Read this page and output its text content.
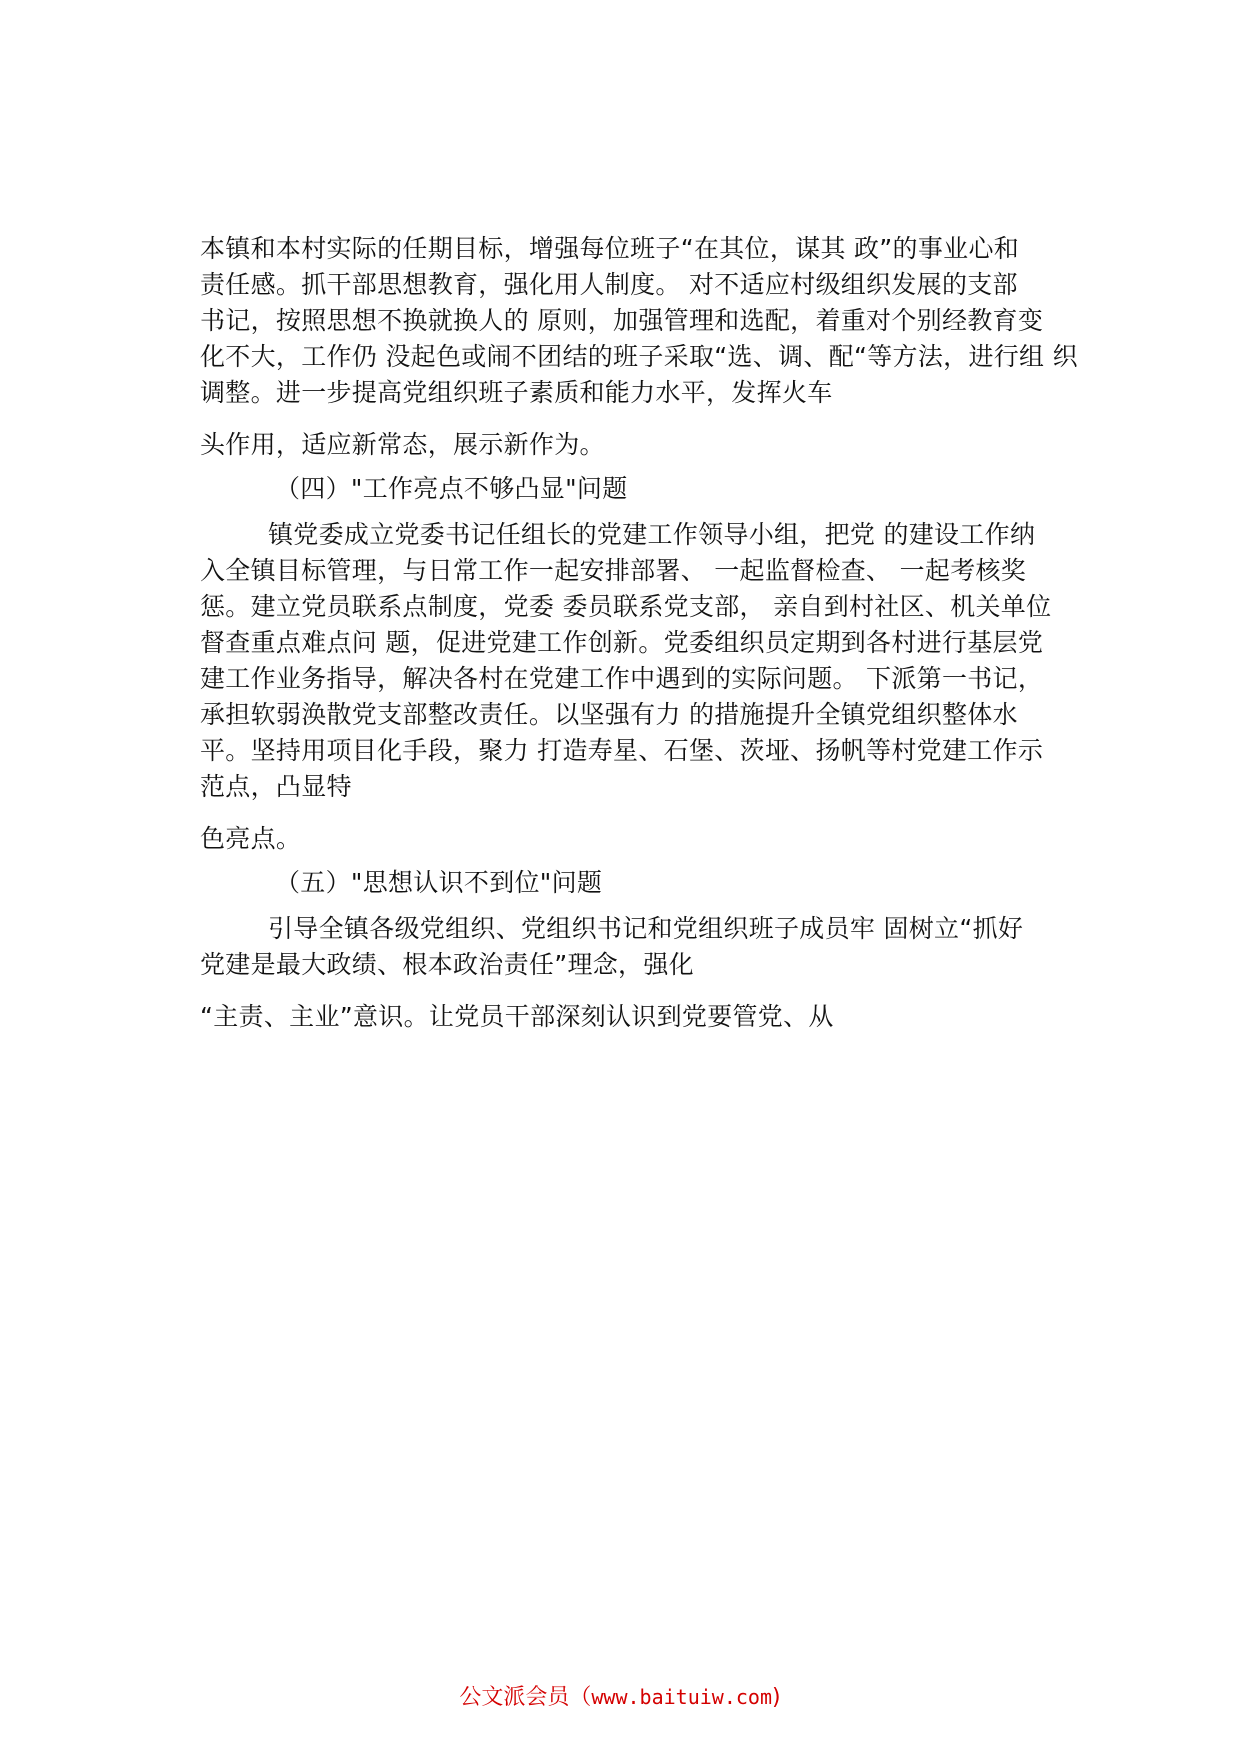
本镇和本村实际的任期目标，增强每位班子“在其位，谋其 政”的事业心和
责任感。抓干部思想教育，强化用人制度。 对不适应村级组织发展的支部
书记，按照思想不换就换人的 原则，加强管理和选配，着重对个别经教育变
化不大，工作仍 没起色或闹不团结的班子采取“选、调、配“等方法，进行组 织
调整。进一步提高党组织班子素质和能力水平，发挥火车
头作用，适应新常态，展示新作为。
（四）"工作亮点不够凸显"问题
镇党委成立党委书记任组长的党建工作领导小组，把党 的建设工作纳
入全镇目标管理，与日常工作一起安排部署、 一起监督检查、 一起考核奖
惩。建立党员联系点制度，党委 委员联系党支部， 亲自到村社区、机关单位
督查重点难点问 题，促进党建工作创新。党委组织员定期到各村进行基层党
建工作业务指导，解决各村在党建工作中遇到的实际问题。 下派第一书记，
承担软弱涣散党支部整改责任。以坚强有力 的措施提升全镇党组织整体水
平。坚持用项目化手段，聚力 打造寿星、石堡、茨垭、扬帆等村党建工作示
范点，凸显特
色亮点。
（五）"思想认识不到位"问题
引导全镇各级党组织、党组织书记和党组织班子成员牢 固树立“抓好
党建是最大政绩、根本政治责任”理念，强化
“主责、主业”意识。让党员干部深刻认识到党要管党、从
公文派会员（www.baituiw.com)
